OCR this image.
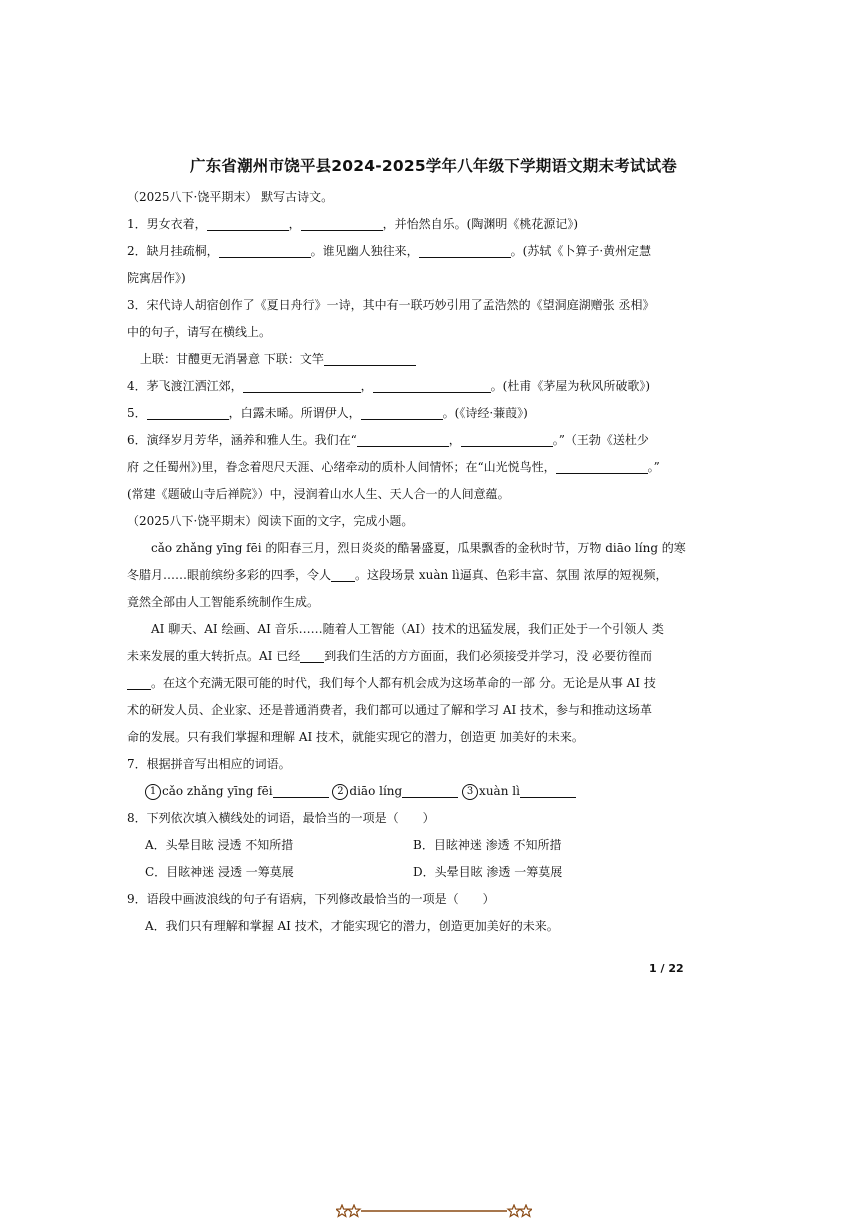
广东省潮州市饶平县2024-2025学年八年级下学期语文期末考试试卷
（2025八下·饶平期末） 默写古诗文。
1．男女衣着，	，	，并怡然自乐。(陶渊明《桃花源记》)
2．缺月挂疏桐，	。谁见幽人独往来，	。(苏轼《卜算子·黄州定慧
院寓居作》)
3．宋代诗人胡宿创作了《夏日舟行》一诗，其中有一联巧妙引用了孟浩然的《望洞庭湖赠张 丞相》
中的句子，请写在横线上。
上联：甘醴更无消暑意 下联：文竿
4．茅飞渡江洒江郊，	，	。(杜甫《茅屋为秋风所破歌》)
5．	，白露未晞。所谓伊人，	。(《诗经·蒹葭》)
6．演绎岁月芳华，涵养和雅人生。我们在“	，	。”（王勃《送杜少
府 之任蜀州》)里，眷念着咫尺天涯、心绪牵动的质朴人间情怀；在“山光悦鸟性，	。”
(常建《题破山寺后禅院》）中，浸润着山水人生、天人合一的人间意蕴。
（2025八下·饶平期末）阅读下面的文字，完成小题。
cǎo zhǎng yīng fēi 的阳春三月，烈日炎炎的酷暑盛夏，瓜果飘香的金秋时节，万物 diāo líng 的寒
冬腊月……眼前缤纷多彩的四季，令人 。这段场景 xuàn lì逼真、色彩丰富、氛围 浓厚的短视频，
竟然全部由人工智能系统制作生成。
AI 聊天、AI 绘画、AI 音乐……随着人工智能（AI）技术的迅猛发展，我们正处于一个引领人 类
未来发展的重大转折点。AI 已经 到我们生活的方方面面，我们必须接受并学习，没 必要彷徨而
。在这个充满无限可能的时代，我们每个人都有机会成为这场革命的一部 分。无论是从事 AI 技
术的研发人员、企业家、还是普通消费者，我们都可以通过了解和学习 AI 技术，参与和推动这场革
命的发展。只有我们掌握和理解 AI 技术，就能实现它的潜力，创造更 加美好的未来。
7．根据拼音写出相应的词语。
1 cǎo zhǎng yīng fēi	2 diāo líng	3 xuàn lì
8．下列依次填入横线处的词语，最恰当的一项是（　　）
A．头晕目眩 浸透 不知所措	B．目眩神迷 渗透 不知所措
C．目眩神迷 浸透 一筹莫展	D．头晕目眩 渗透 一筹莫展
9．语段中画波浪线的句子有语病，下列修改最恰当的一项是（　　）
A．我们只有理解和掌握 AI 技术，才能实现它的潜力，创造更加美好的未来。
1 / 22
